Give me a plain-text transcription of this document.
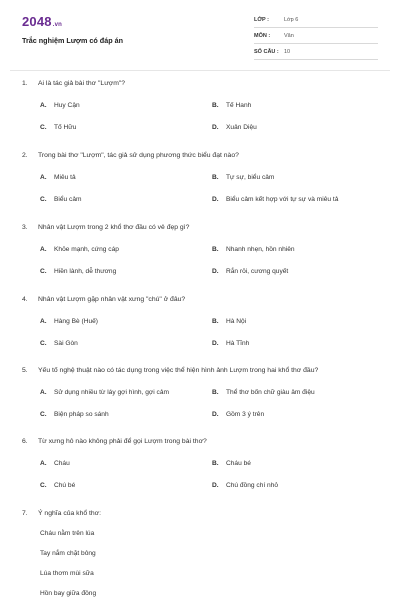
2048.vn
Trắc nghiệm Lượm có đáp án
LỚP :	Lớp 6
MÔN :	Văn
SỐ CÂU : 10
1. Ai là tác giả bài thơ "Lượm"?
A. Huy Cận	B. Tế Hanh
C. Tố Hữu	D. Xuân Diệu
2. Trong bài thơ "Lượm", tác giả sử dụng phương thức biểu đạt nào?
A. Miêu tả	B. Tự sự, biểu cảm
C. Biểu cảm	D. Biểu cảm kết hợp với tự sự và miêu tả
3. Nhân vật Lượm trong 2 khổ thơ đầu có vẻ đẹp gì?
A. Khỏe mạnh, cứng cáp	B. Nhanh nhẹn, hồn nhiên
C. Hiền lành, dễ thương	D. Rắn rỏi, cương quyết
4. Nhân vật Lượm gặp nhân vật xưng "chú" ở đâu?
A. Hàng Bè (Huế)	B. Hà Nội
C. Sài Gòn	D. Hà Tĩnh
5. Yếu tố nghệ thuật nào có tác dụng trong việc thể hiện hình ảnh Lượm trong hai khổ thơ đầu?
A. Sử dụng nhiều từ láy gợi hình, gợi cảm	B. Thể thơ bốn chữ giàu âm điệu
C. Biện pháp so sánh	D. Gồm 3 ý trên
6. Từ xưng hô nào không phải để gọi Lượm trong bài thơ?
A. Cháu	B. Cháu bé
C. Chú bé	D. Chú đồng chí nhỏ
7. Ý nghĩa của khổ thơ:
Cháu nằm trên lúa
Tay nắm chặt bông
Lúa thơm mùi sữa
Hồn bay giữa đồng
